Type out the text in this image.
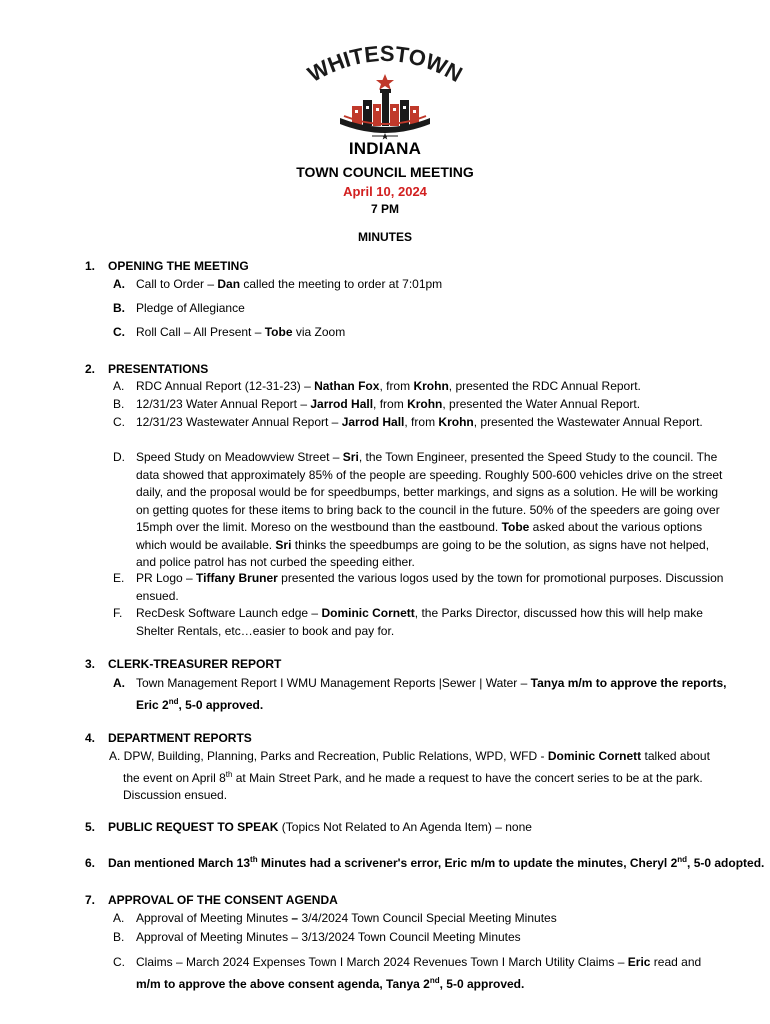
WHITESTOWN
INDIANA
TOWN COUNCIL MEETING
April 10, 2024
7 PM
MINUTES
1. OPENING THE MEETING
A. Call to Order – Dan called the meeting to order at 7:01pm
B. Pledge of Allegiance
C. Roll Call – All Present – Tobe via Zoom
2. PRESENTATIONS
A. RDC Annual Report (12-31-23) – Nathan Fox, from Krohn, presented the RDC Annual Report.
B. 12/31/23 Water Annual Report – Jarrod Hall, from Krohn, presented the Water Annual Report.
C. 12/31/23 Wastewater Annual Report – Jarrod Hall, from Krohn, presented the Wastewater Annual Report.
D. Speed Study on Meadowview Street – Sri, the Town Engineer, presented the Speed Study to the council. The data showed that approximately 85% of the people are speeding. Roughly 500-600 vehicles drive on the street daily, and the proposal would be for speedbumps, better markings, and signs as a solution. He will be working on getting quotes for these items to bring back to the council in the future. 50% of the speeders are going over 15mph over the limit. Moreso on the westbound than the eastbound. Tobe asked about the various options which would be available. Sri thinks the speedbumps are going to be the solution, as signs have not helped, and police patrol has not curbed the speeding either.
E. PR Logo – Tiffany Bruner presented the various logos used by the town for promotional purposes. Discussion ensued.
F.	RecDesk Software Launch edge – Dominic Cornett, the Parks Director, discussed how this will help make Shelter Rentals, etc…easier to book and pay for.
3. CLERK-TREASURER REPORT
A. Town Management Report I WMU Management Reports |Sewer | Water – Tanya m/m to approve the reports, Eric 2nd, 5-0 approved.
4. DEPARTMENT REPORTS
A. DPW, Building, Planning, Parks and Recreation, Public Relations, WPD, WFD - Dominic Cornett talked about the event on April 8th at Main Street Park, and he made a request to have the concert series to be at the park. Discussion ensued.
5. PUBLIC REQUEST TO SPEAK (Topics Not Related to An Agenda Item) – none
6. Dan mentioned March 13th Minutes had a scrivener's error, Eric m/m to update the minutes, Cheryl 2nd, 5-0 adopted.
7. APPROVAL OF THE CONSENT AGENDA
A. Approval of Meeting Minutes – 3/4/2024 Town Council Special Meeting Minutes
B. Approval of Meeting Minutes – 3/13/2024 Town Council Meeting Minutes
C. Claims – March 2024 Expenses Town I March 2024 Revenues Town I March Utility Claims – Eric read and m/m to approve the above consent agenda, Tanya 2nd, 5-0 approved.
